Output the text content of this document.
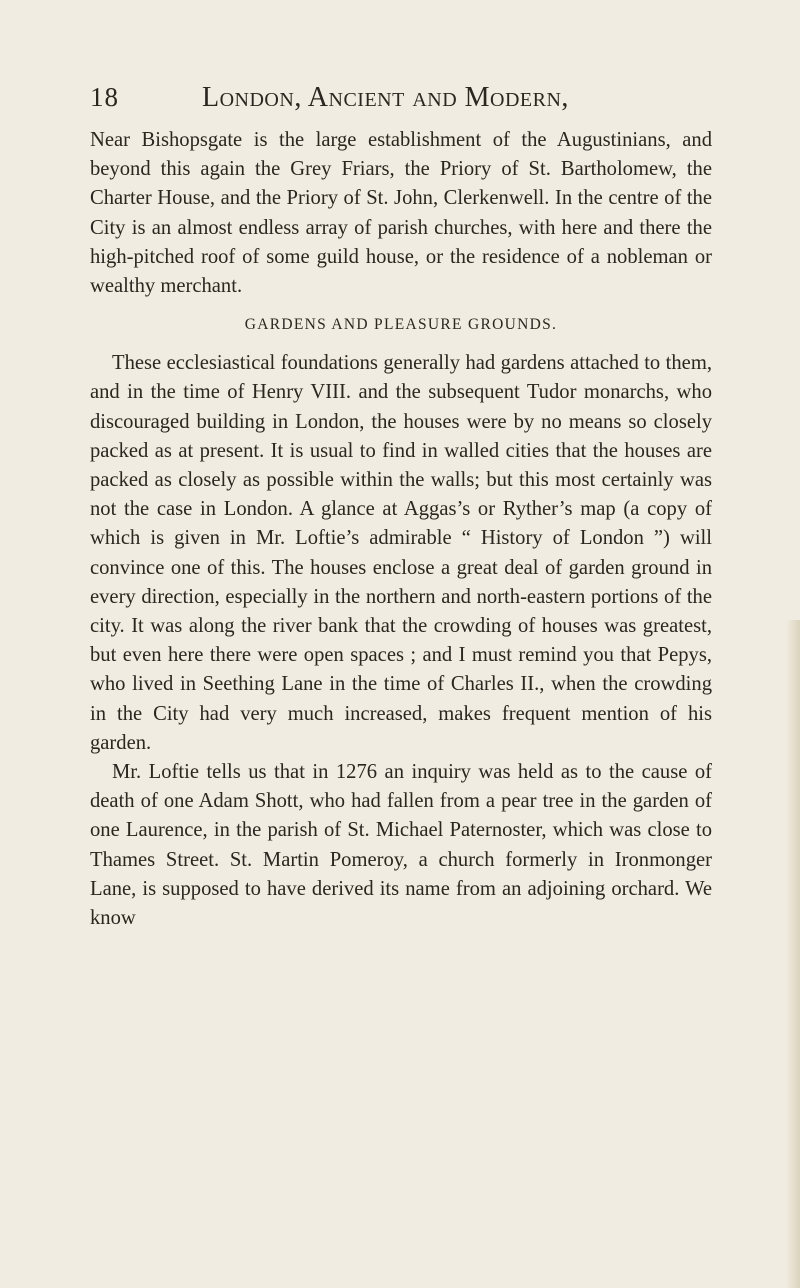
18	London, Ancient and Modern,

Near Bishopsgate is the large establishment of the Augustinians, and beyond this again the Grey Friars, the Priory of St. Bartholomew, the Charter House, and the Priory of St. John, Clerkenwell. In the centre of the City is an almost endless array of parish churches, with here and there the high-pitched roof of some guild house, or the residence of a nobleman or wealthy merchant.

GARDENS AND PLEASURE GROUNDS.

These ecclesiastical foundations generally had gardens attached to them, and in the time of Henry VIII. and the subsequent Tudor monarchs, who discouraged building in London, the houses were by no means so closely packed as at present. It is usual to find in walled cities that the houses are packed as closely as possible within the walls; but this most certainly was not the case in London. A glance at Aggas’s or Ryther’s map (a copy of which is given in Mr. Loftie’s admirable “ History of London ”) will convince one of this. The houses enclose a great deal of garden ground in every direction, especially in the northern and north-eastern portions of the city. It was along the river bank that the crowding of houses was greatest, but even here there were open spaces ; and I must remind you that Pepys, who lived in Seething Lane in the time of Charles II., when the crowding in the City had very much increased, makes frequent mention of his garden.

Mr. Loftie tells us that in 1276 an inquiry was held as to the cause of death of one Adam Shott, who had fallen from a pear tree in the garden of one Laurence, in the parish of St. Michael Paternoster, which was close to Thames Street. St. Martin Pomeroy, a church formerly in Ironmonger Lane, is supposed to have derived its name from an adjoining orchard. We know
